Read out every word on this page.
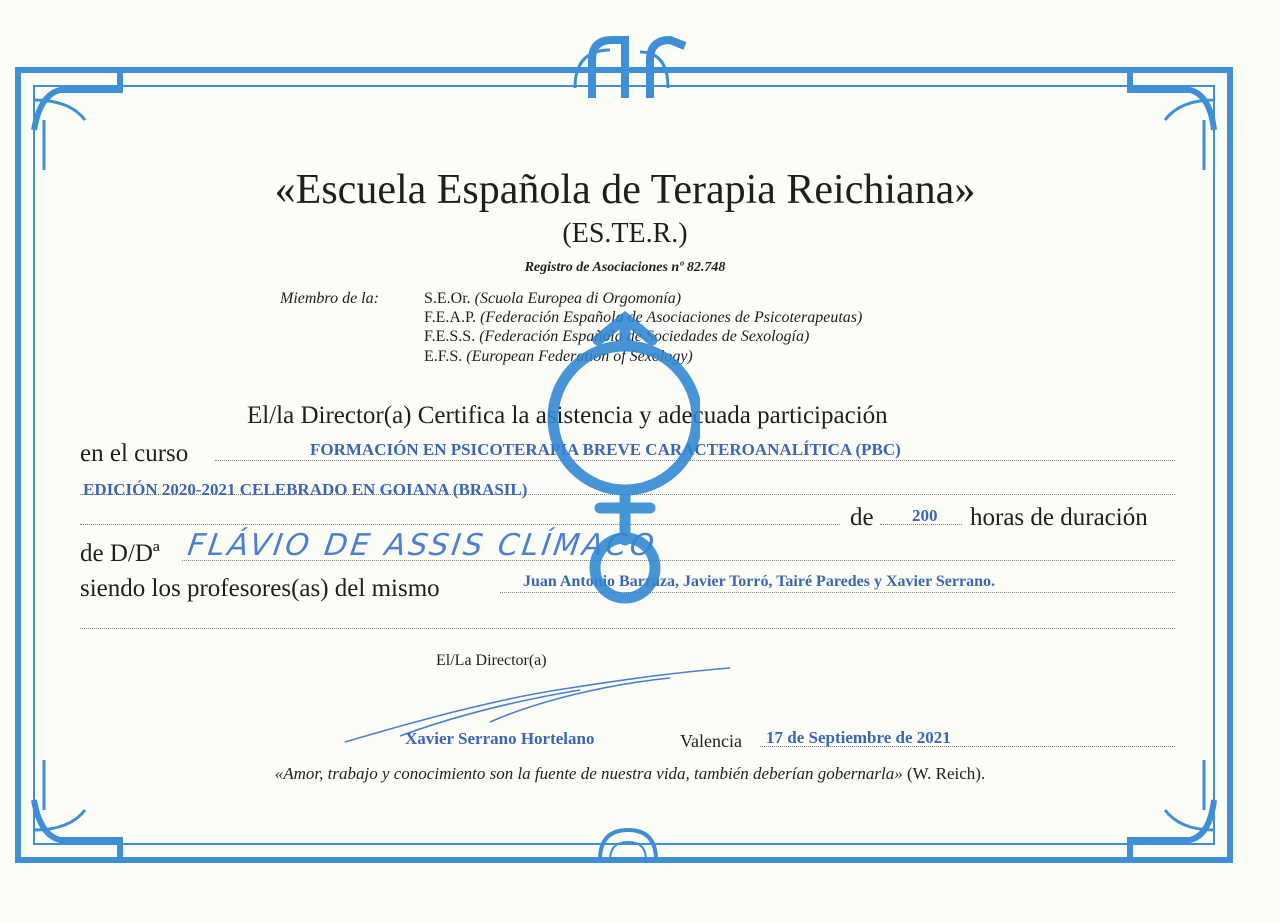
«Escuela Española de Terapia Reichiana»
(ES.TE.R.)
Registro de Asociaciones nº 82.748
Miembro de la:	S.E.Or. (Scuola Europea di Orgomonía)
F.E.A.P. (Federación Española de Asociaciones de Psicoterapeutas)
F.E.S.S. (Federación Española de Sociedades de Sexología)
E.F.S. (European Federation of Sexology)
El/la Director(a) Certifica la asistencia y adecuada participación
en el curso	FORMACIÓN EN PSICOTERAPIA BREVE CARACTEROANALÍTICA (PBC)
EDICIÓN 2020-2021 CELEBRADO EN GOIANA (BRASIL)
de 200 horas de duración
de D/Dª FLÁVIO DE ASSIS CLÍMACO
siendo los profesores(as) del mismo	Juan Antonio Barraza, Javier Torró, Tairé Paredes y Xavier Serrano.
El/La Director(a)
Xavier Serrano Hortelano	Valencia 17 de Septiembre de 2021
«Amor, trabajo y conocimiento son la fuente de nuestra vida, también deberían gobernarla» (W. Reich).
